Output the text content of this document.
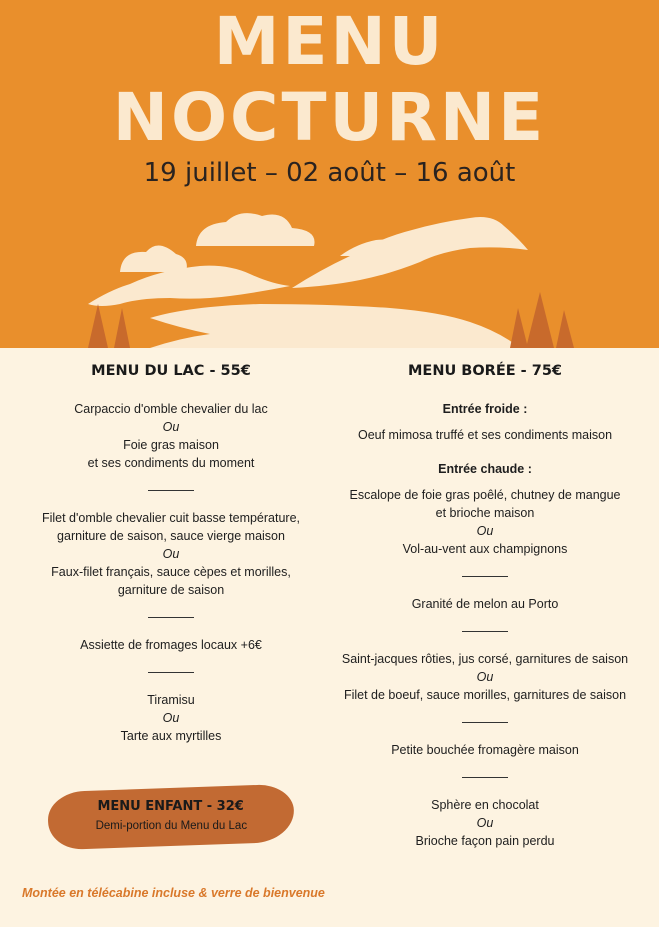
MENU
NOCTURNE
19 juillet – 02 août – 16 août
MENU DU LAC - 55€

Carpaccio d'omble chevalier du lac

Ou

Foie gras maison

et ses condiments du moment

Filet d'omble chevalier cuit basse température,

garniture de saison, sauce vierge maison

Ou

Faux-filet français, sauce cèpes et morilles,

garniture de saison

Assiette de fromages locaux +6€

Tiramisu

Ou

Tarte aux myrtilles

MENU BORÉE - 75€

Entrée froide :

Oeuf mimosa truffé et ses condiments maison

Entrée chaude :

Escalope de foie gras poêlé, chutney de mangue

et brioche maison

Ou

Vol-au-vent aux champignons

Granité de melon au Porto

Saint-jacques rôties, jus corsé, garnitures de saison

Ou

Filet de boeuf, sauce morilles, garnitures de saison

Petite bouchée fromagère maison

Sphère en chocolat

Ou

Brioche façon pain perdu

MENU ENFANT - 32€
Demi-portion du Menu du Lac
Montée en télécabine incluse & verre de bienvenue
